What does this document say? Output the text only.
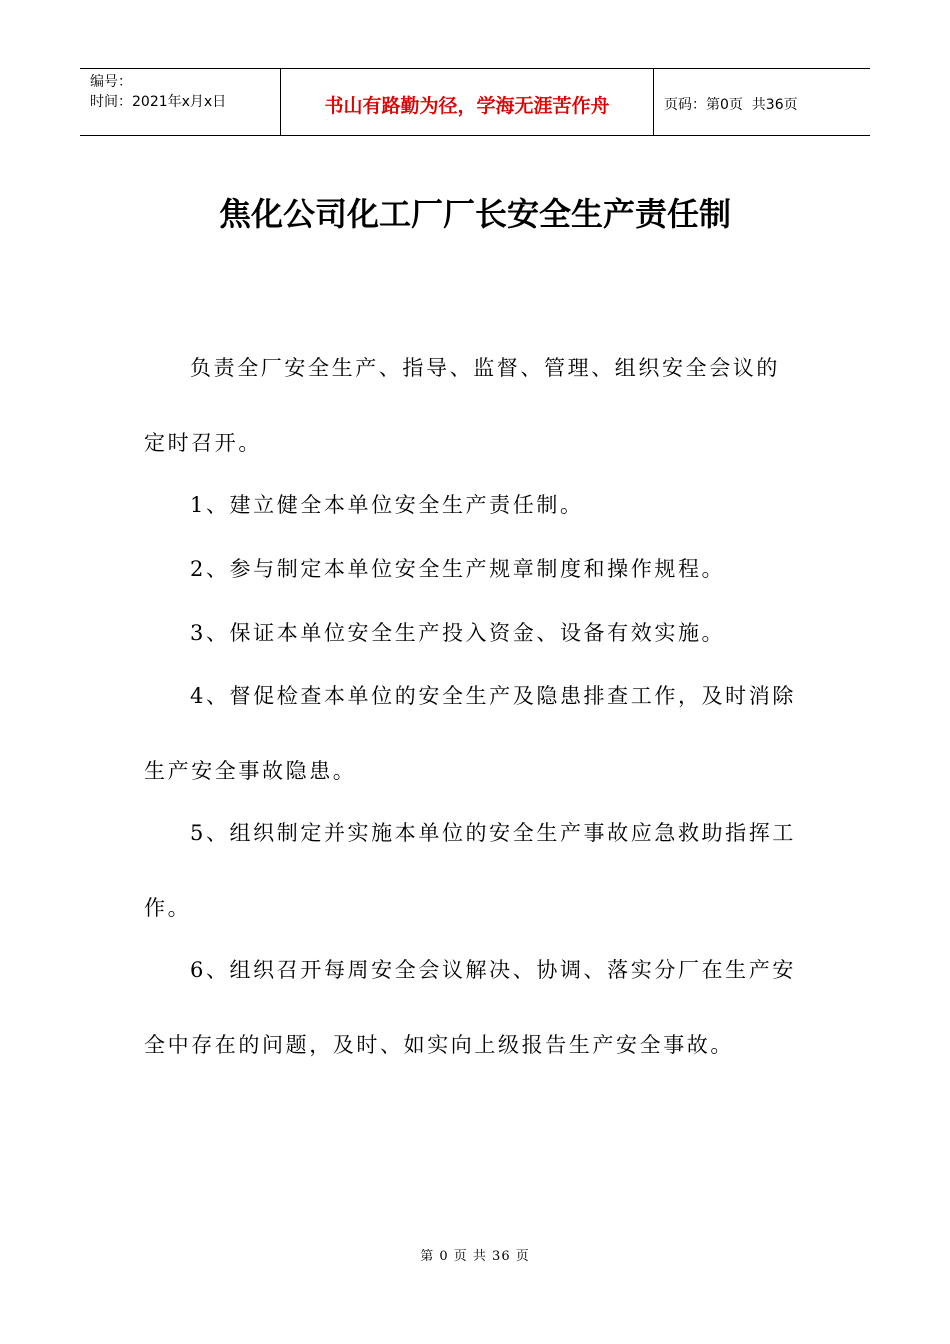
编号：
时间：2021年x月x日	书山有路勤为径，学海无涯苦作舟	页码：第0页  共36页
焦化公司化工厂厂长安全生产责任制

负责全厂安全生产、指导、监督、管理、组织安全会议的

定时召开。

1、建立健全本单位安全生产责任制。

2、参与制定本单位安全生产规章制度和操作规程。

3、保证本单位安全生产投入资金、设备有效实施。

4、督促检查本单位的安全生产及隐患排查工作，及时消除

生产安全事故隐患。

5、组织制定并实施本单位的安全生产事故应急救助指挥工

作。

6、组织召开每周安全会议解决、协调、落实分厂在生产安

全中存在的问题，及时、如实向上级报告生产安全事故。

第 0 页 共 36 页
